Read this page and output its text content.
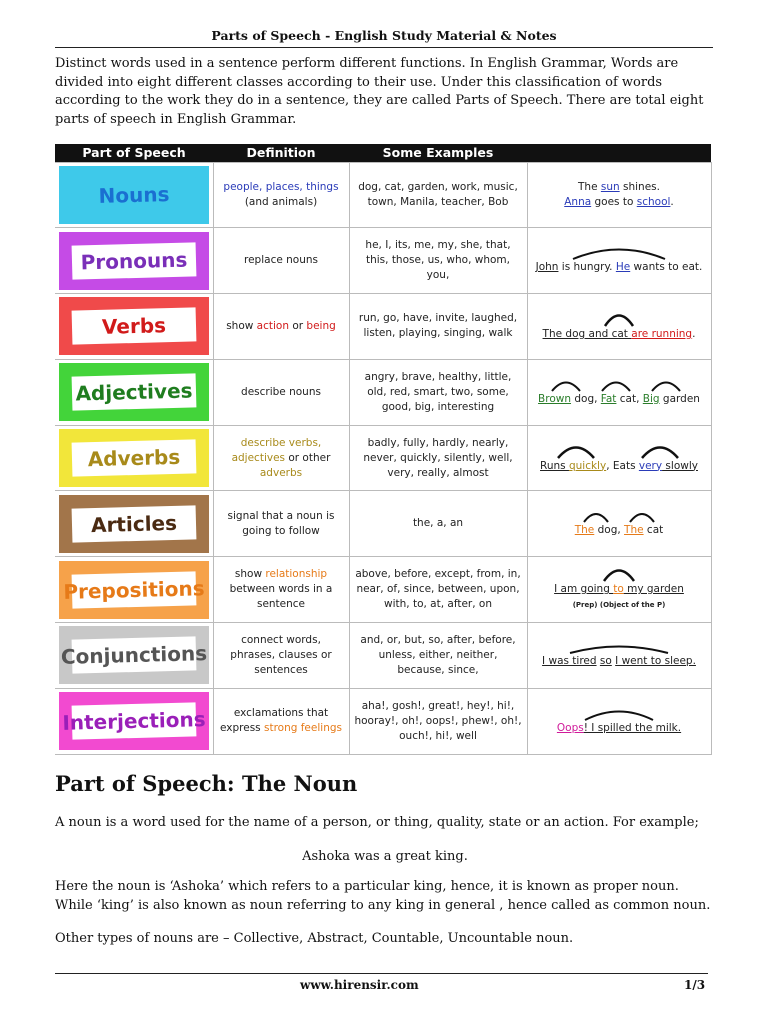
Parts of Speech - English Study Material & Notes
Distinct words used in a sentence perform different functions. In English Grammar, Words are divided into eight different classes according to their use. Under this classification of words according to the work they do in a sentence, they are called Parts of Speech. There are total eight parts of speech in English Grammar.
Part of Speech	Definition	Some Examples	

Nouns	people, places, things (and animals)	dog, cat, garden, work, music, town, Manila, teacher, Bob	The sun shines.
Anna goes to school.

Pronouns	replace nouns	he, I, its, me, my, she, that, this, those, us, who, whom, you,	John is hungry. He wants to eat.

Verbs	show action or being	run, go, have, invite, laughed, listen, playing, singing, walk	The dog and cat are running.

Adjectives	describe nouns	angry, brave, healthy, little, old, red, smart, two, some, good, big, interesting	Brown dog, Fat cat, Big garden

Adverbs	describe verbs, adjectives or other adverbs	badly, fully, hardly, nearly, never, quickly, silently, well, very, really, almost	Runs quickly, Eats very slowly

Articles	signal that a noun is going to follow	the, a, an	The dog, The cat

Prepositions	show relationship between words in a sentence	above, before, except, from, in, near, of, since, between, upon, with, to, at, after, on	I am going to my garden
(Prep) (Object of the P)

Conjunctions	connect words, phrases, clauses or sentences	and, or, but, so, after, before, unless, either, neither, because, since,	I was tired so I went to sleep.

Interjections	exclamations that express strong feelings	aha!, gosh!, great!, hey!, hi!, hooray!, oh!, oops!, phew!, oh!, ouch!, hi!, well	Oops! I spilled the milk.
Part of Speech: The Noun
A noun is a word used for the name of a person, or thing, quality, state or an action. For example;
Ashoka was a great king.
Here the noun is ‘Ashoka’ which refers to a particular king, hence, it is known as proper noun. While ‘king’ is also known as noun referring to any king in general , hence called as common noun.
Other types of nouns are – Collective, Abstract, Countable, Uncountable noun.
www.hirensir.com	1/3
